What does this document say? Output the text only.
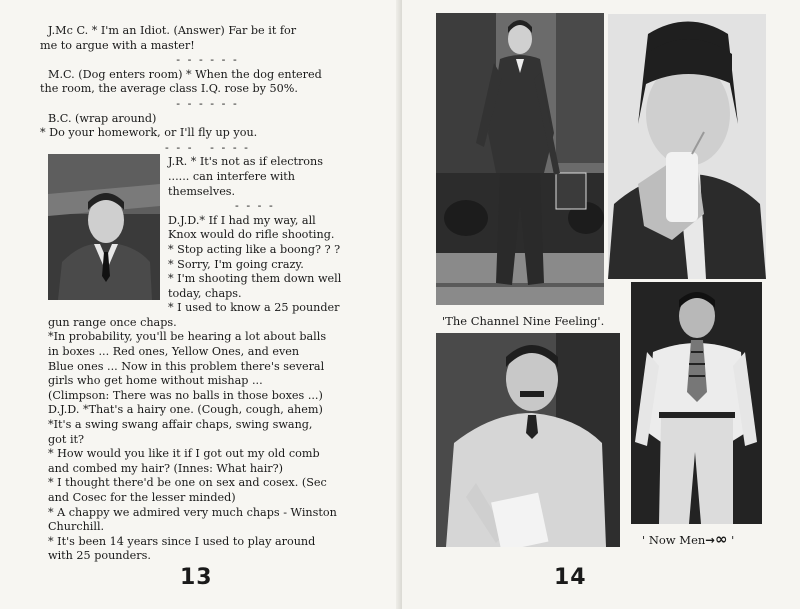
J.Mc C. * I'm an Idiot. (Answer) Far be it for
me to argue with a master!
- - - - - -
M.C. (Dog enters room) * When the dog entered
the room, the average class I.Q. rose by 50%.
- - - - - -
B.C. (wrap around)
* Do your homework, or I'll fly up you.
- - -   - - - -
J.R. * It's not as if electrons
...... can interfere with
themselves.
- - - -
D.J.D.* If I had my way, all
Knox would do rifle shooting.
* Stop acting like a boong? ? ?
* Sorry, I'm going crazy.
* I'm shooting them down well
today, chaps.
* I used to know a 25 pounder
gun range once chaps.
*In probability, you'll be hearing a lot about balls
in boxes ... Red ones, Yellow Ones, and even
Blue ones ... Now in this problem there's several
girls who get home without mishap ...
(Climpson: There was no balls in those boxes ...)
D.J.D. *That's a hairy one. (Cough, cough, ahem)
*It's a swing swang affair chaps, swing swang,
got it?
* How would you like it if I got out my old comb
and combed my hair? (Innes: What hair?)
* I thought there'd be one on sex and cosex. (Sec
and Cosec for the lesser minded)
* A chappy we admired very much chaps - Winston
Churchill.
* It's been 14 years since I used to play around
with 25 pounders.
13
'The Channel Nine Feeling'.
' Now Men→∞ '
14
